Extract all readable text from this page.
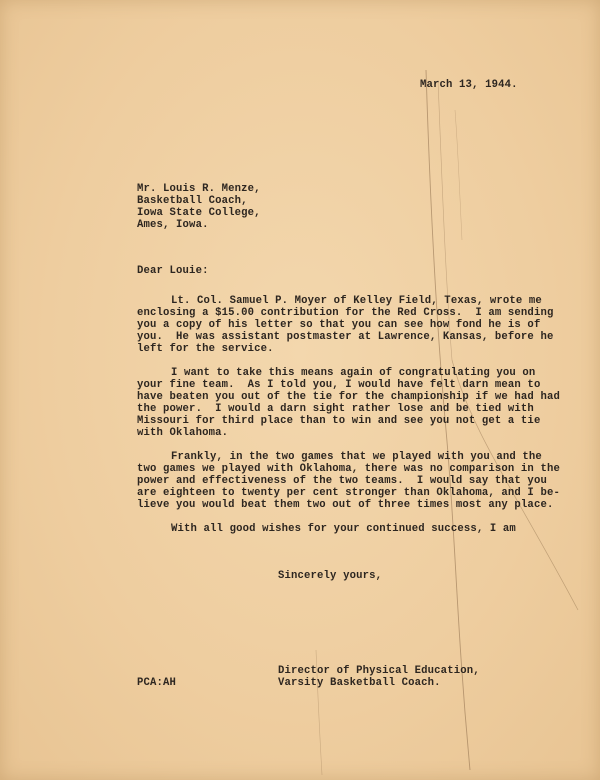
March 13, 1944.
Mr. Louis R. Menze,
Basketball Coach,
Iowa State College,
Ames, Iowa.
Dear Louie:
Lt. Col. Samuel P. Moyer of Kelley Field, Texas, wrote me
enclosing a $15.00 contribution for the Red Cross.  I am sending
you a copy of his letter so that you can see how fond he is of
you.  He was assistant postmaster at Lawrence, Kansas, before he
left for the service.
I want to take this means again of congratulating you on
your fine team.  As I told you, I would have felt darn mean to
have beaten you out of the tie for the championship if we had had
the power.  I would a darn sight rather lose and be tied with
Missouri for third place than to win and see you not get a tie
with Oklahoma.
Frankly, in the two games that we played with you and the
two games we played with Oklahoma, there was no comparison in the
power and effectiveness of the two teams.  I would say that you
are eighteen to twenty per cent stronger than Oklahoma, and I be-
lieve you would beat them two out of three times most any place.
With all good wishes for your continued success, I am
Sincerely yours,
Director of Physical Education,
Varsity Basketball Coach.
PCA:AH
